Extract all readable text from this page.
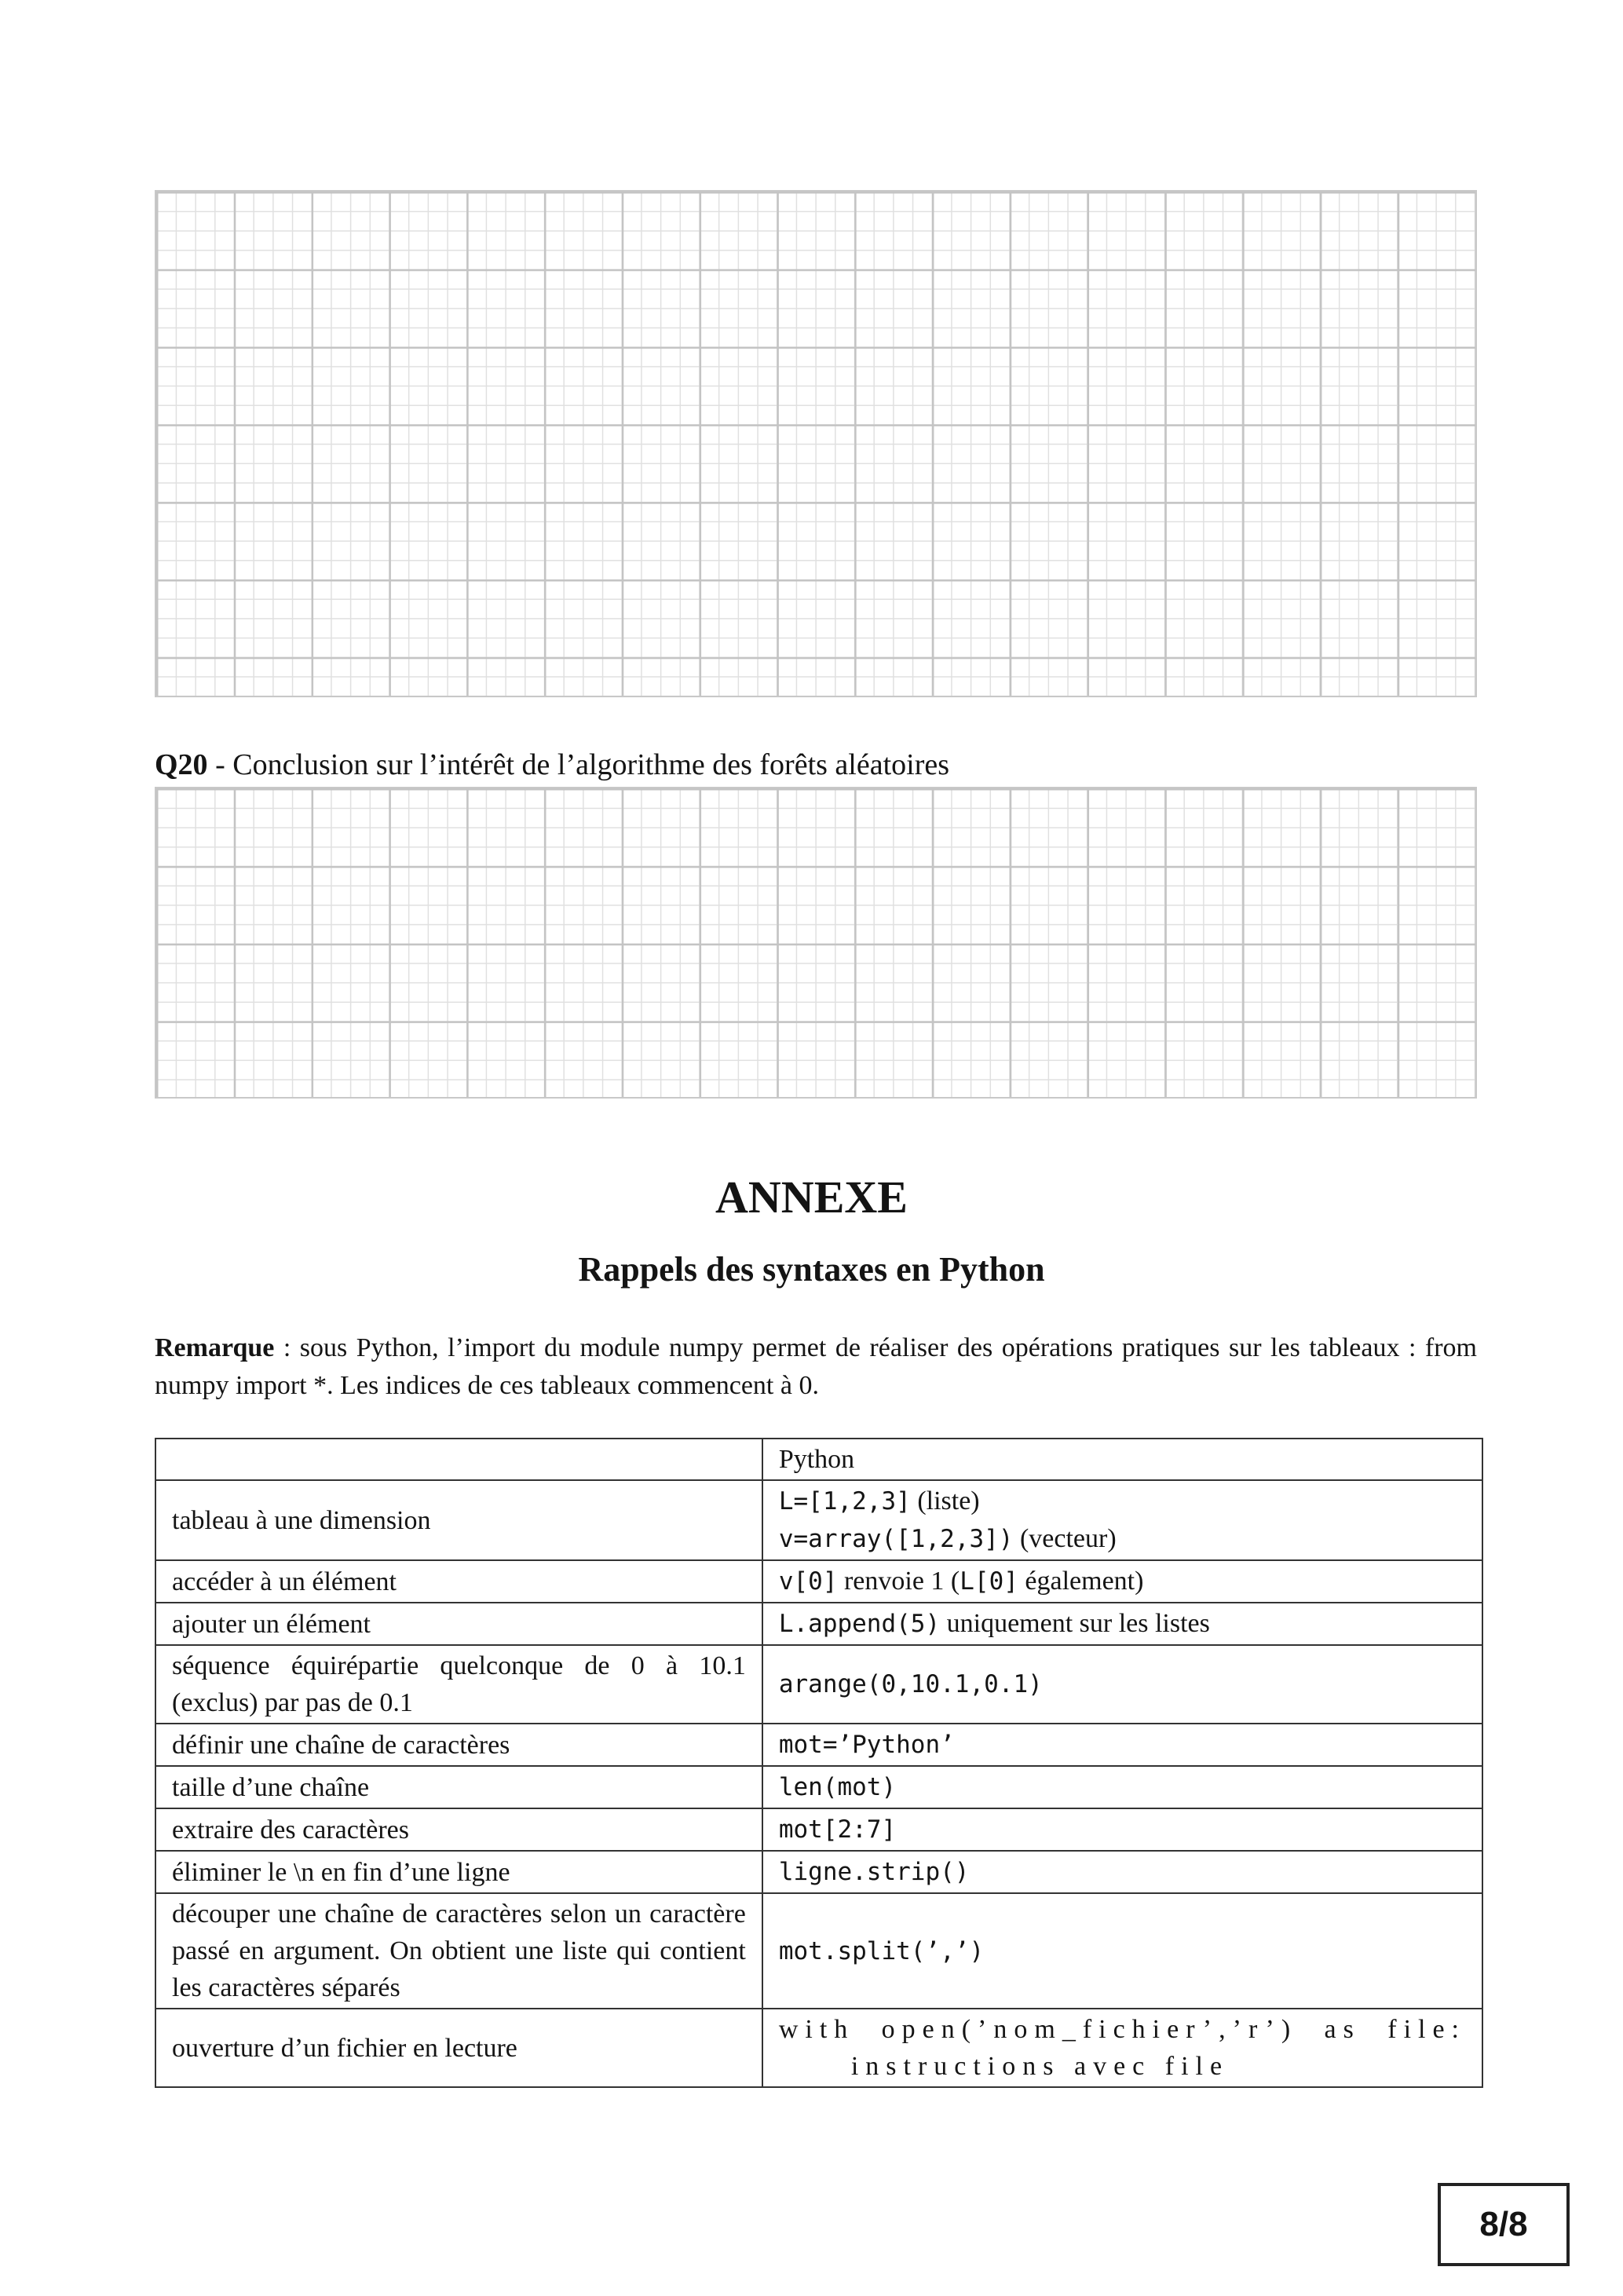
Q20 - Conclusion sur l’intérêt de l’algorithme des forêts aléatoires
ANNEXE
Rappels des syntaxes en Python
Remarque : sous Python, l’import du module numpy permet de réaliser des opérations pratiques sur les tableaux : from numpy import *. Les indices de ces tableaux commencent à 0.
	Python
tableau à une dimension	L=[1,2,3] (liste)
v=array([1,2,3]) (vecteur)
accéder à un élément	v[0] renvoie 1 (L[0] également)
ajouter un élément	L.append(5) uniquement sur les listes
séquence équirépartie quelconque de 0 à 10.1 (exclus) par pas de 0.1	arange(0,10.1,0.1)
définir une chaîne de caractères	mot=’Python’
taille d’une chaîne	len(mot)
extraire des caractères	mot[2:7]
éliminer le \n en fin d’une ligne	ligne.strip()
découper une chaîne de caractères selon un caractère passé en argument. On obtient une liste qui contient les caractères séparés	mot.split(’,’)
ouverture d’un fichier en lecture	with open(’nom_fichier’,’r’) as file:
instructions avec file
8/8
